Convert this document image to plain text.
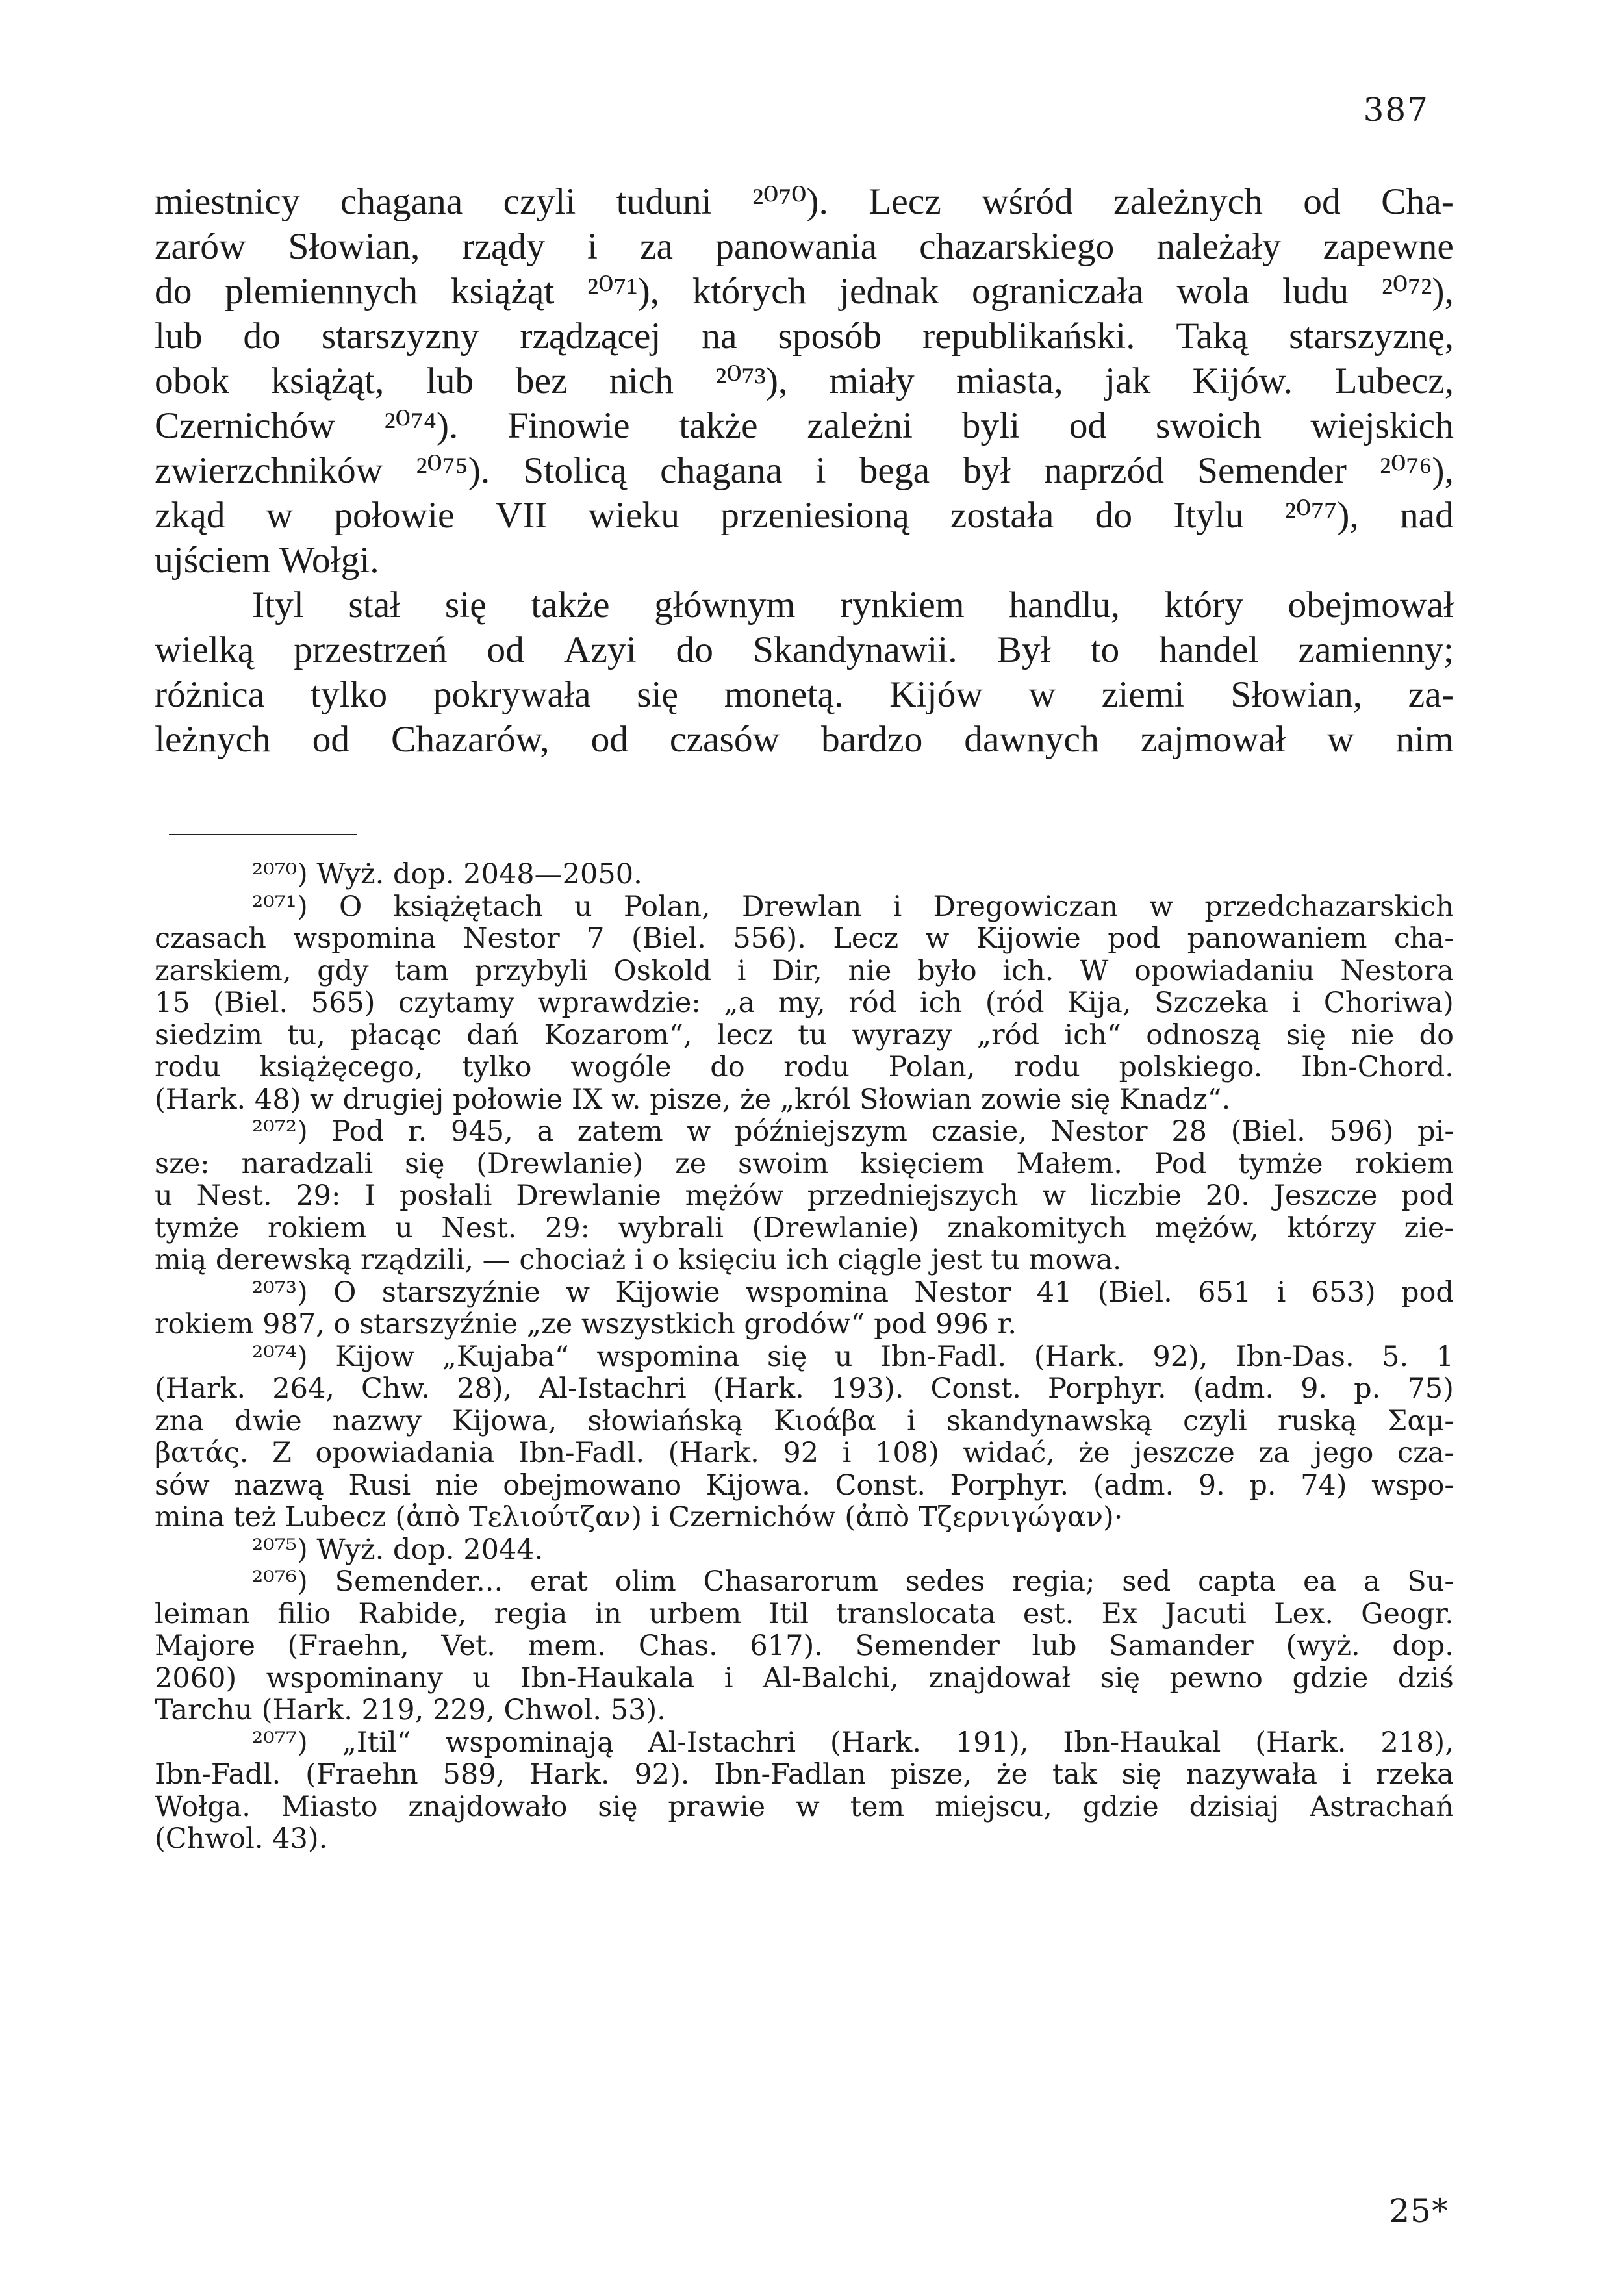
387
miestnicy chagana czyli tuduni ²⁰⁷⁰). Lecz wśród zależnych od Cha-
zarów Słowian, rządy i za panowania chazarskiego należały zapewne
do plemiennych książąt ²⁰⁷¹), których jednak ograniczała wola ludu ²⁰⁷²),
lub do starszyzny rządzącej na sposób republikański. Taką starszyznę,
obok książąt, lub bez nich ²⁰⁷³), miały miasta, jak Kijów. Lubecz,
Czernichów ²⁰⁷⁴). Finowie także zależni byli od swoich wiejskich
zwierzchników ²⁰⁷⁵). Stolicą chagana i bega był naprzód Semender ²⁰⁷⁶),
zkąd w połowie VII wieku przeniesioną została do Itylu ²⁰⁷⁷), nad
ujściem Wołgi.
Ityl stał się także głównym rynkiem handlu, który obejmował
wielką przestrzeń od Azyi do Skandynawii. Był to handel zamienny;
różnica tylko pokrywała się monetą. Kijów w ziemi Słowian, za-
leżnych od Chazarów, od czasów bardzo dawnych zajmował w nim
²⁰⁷⁰) Wyż. dop. 2048—2050.
²⁰⁷¹) O książętach u Polan, Drewlan i Dregowiczan w przedchazarskich
czasach wspomina Nestor 7 (Biel. 556). Lecz w Kijowie pod panowaniem cha-
zarskiem, gdy tam przybyli Oskold i Dir, nie było ich. W opowiadaniu Nestora
15 (Biel. 565) czytamy wprawdzie: „a my, ród ich (ród Kija, Szczeka i Choriwa)
siedzim tu, płacąc dań Kozarom“, lecz tu wyrazy „ród ich“ odnoszą się nie do
rodu książęcego, tylko wogóle do rodu Polan, rodu polskiego. Ibn-Chord.
(Hark. 48) w drugiej połowie IX w. pisze, że „król Słowian zowie się Knadz“.
²⁰⁷²) Pod r. 945, a zatem w późniejszym czasie, Nestor 28 (Biel. 596) pi-
sze: naradzali się (Drewlanie) ze swoim księciem Małem. Pod tymże rokiem
u Nest. 29: I posłali Drewlanie mężów przedniejszych w liczbie 20. Jeszcze pod
tymże rokiem u Nest. 29: wybrali (Drewlanie) znakomitych mężów, którzy zie-
mią derewską rządzili, — chociaż i o księciu ich ciągle jest tu mowa.
²⁰⁷³) O starszyźnie w Kijowie wspomina Nestor 41 (Biel. 651 i 653) pod
rokiem 987, o starszyźnie „ze wszystkich grodów“ pod 996 r.
²⁰⁷⁴) Kijow „Kujaba“ wspomina się u Ibn-Fadl. (Hark. 92), Ibn-Das. 5. 1
(Hark. 264, Chw. 28), Al-Istachri (Hark. 193). Const. Porphyr. (adm. 9. p. 75)
zna dwie nazwy Kijowa, słowiańską Κιοάβα i skandynawską czyli ruską Σαμ-
βατάς. Z opowiadania Ibn-Fadl. (Hark. 92 i 108) widać, że jeszcze za jego cza-
sów nazwą Rusi nie obejmowano Kijowa. Const. Porphyr. (adm. 9. p. 74) wspo-
mina też Lubecz (ἀπὸ Τελιούτζαν) i Czernichów (ἀπὸ Τζερνιγώγαν)·
²⁰⁷⁵) Wyż. dop. 2044.
²⁰⁷⁶) Semender... erat olim Chasarorum sedes regia; sed capta ea a Su-
leiman filio Rabide, regia in urbem Itil translocata est. Ex Jacuti Lex. Geogr.
Majore (Fraehn, Vet. mem. Chas. 617). Semender lub Samander (wyż. dop.
2060) wspominany u Ibn-Haukala i Al-Balchi, znajdował się pewno gdzie dziś
Tarchu (Hark. 219, 229, Chwol. 53).
²⁰⁷⁷) „Itil“ wspominają Al-Istachri (Hark. 191), Ibn-Haukal (Hark. 218),
Ibn-Fadl. (Fraehn 589, Hark. 92). Ibn-Fadlan pisze, że tak się nazywała i rzeka
Wołga. Miasto znajdowało się prawie w tem miejscu, gdzie dzisiaj Astrachań
(Chwol. 43).
25*
